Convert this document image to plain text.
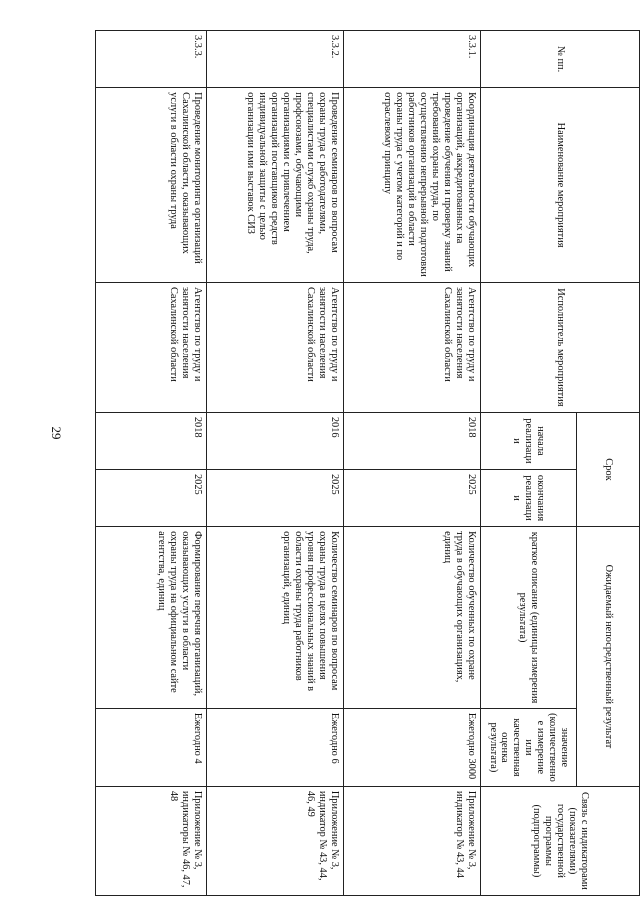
29
№ пп.	Наименование мероприятия	Исполнитель мероприятия	Срок		Ожидаемый непосредственный результат		Связь с индикаторами (показателями) государственной программы (подпрограммы)
			начала реализации	окончания реализации	краткое описание (единицы измерения результата)	значение (количественное измерение или качественная оценка результата)	
3.3.1.	Координация деятельности обучающих организаций, аккредитованных на проведение обучения и проверку знаний требований охраны труда, по осуществлению непрерывной подготовки работников организаций в области охраны труда с учетом категорий и по отраслевому принципу	Агентство по труду и занятости населения Сахалинской области	2018	2025	Количество обученных по охране труда в обучающих организациях, единиц	Ежегодно 3000	Приложение № 3, индикатор № 43, 44
3.3.2.	Проведение семинаров по вопросам охраны труда с работодателями, специалистами служб охраны труда, профсоюзами, обучающими организациями с привлечением организаций поставщиков средств индивидуальной защиты с целью организации ими выставок СИЗ	Агентство по труду и занятости населения Сахалинской области	2016	2025	Количество семинаров по вопросам охраны труда в целях повышения уровня профессиональных знаний в области охраны труда работников организаций, единиц	Ежегодно 6	Приложение № 3, индикатор № 43, 44, 46, 49
3.3.3.	Проведение мониторинга организаций Сахалинской области, оказывающих услуги в области охраны труда	Агентство по труду и занятости населения Сахалинской области	2018	2025	Формирование перечня организаций, оказывающих услуги в области охраны труда на официальном сайте агентства, единиц	Ежегодно 4	Приложение № 3, индикаторы № 46, 47, 48
